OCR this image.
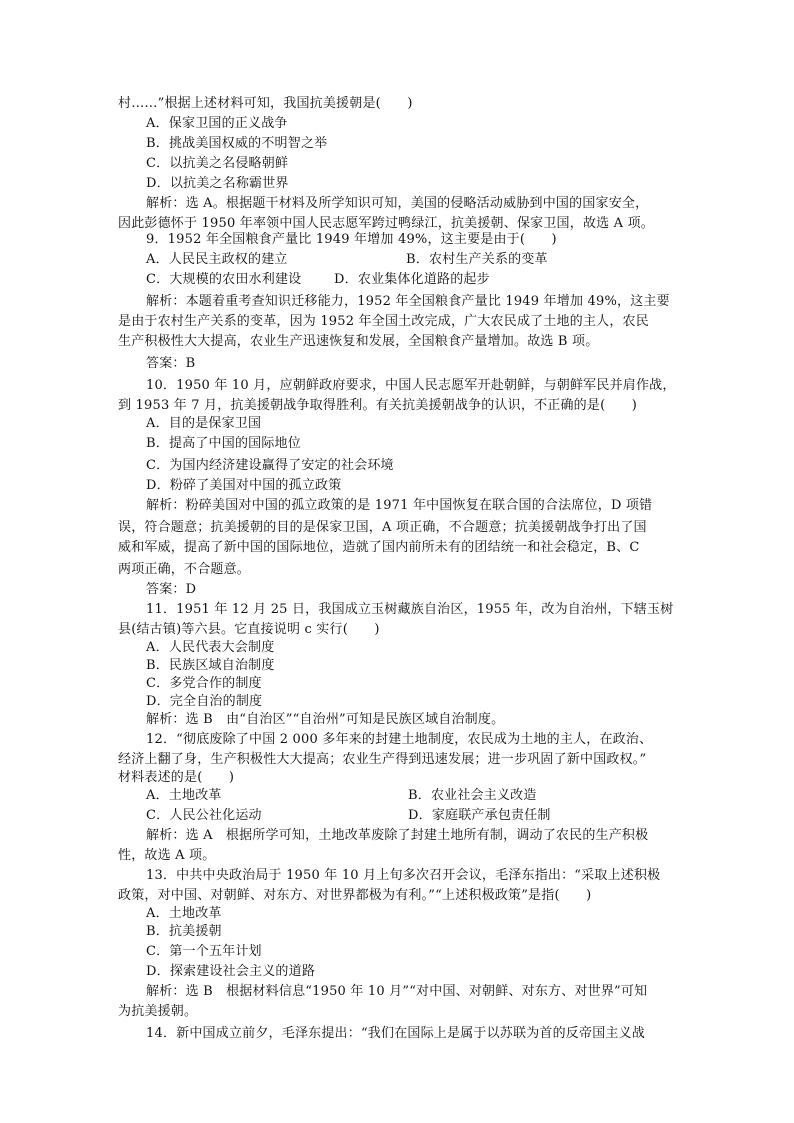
村……”根据上述材料可知，我国抗美援朝是(　　)
A．保家卫国的正义战争
B．挑战美国权威的不明智之举
C．以抗美之名侵略朝鲜
D．以抗美之名称霸世界
解析：选 A。根据题干材料及所学知识可知，美国的侵略活动威胁到中国的国家安全，
因此彭德怀于 1950 年率领中国人民志愿军跨过鸭绿江，抗美援朝、保家卫国，故选 A 项。
9．1952 年全国粮食产量比 1949 年增加 49%，这主要是由于(　　)
A．人民民主政权的建立	B．农村生产关系的变革
C．大规模的农田水利建设	D．农业集体化道路的起步
解析：本题着重考查知识迁移能力，1952 年全国粮食产量比 1949 年增加 49%，这主要
是由于农村生产关系的变革，因为 1952 年全国土改完成，广大农民成了土地的主人，农民
生产积极性大大提高，农业生产迅速恢复和发展，全国粮食产量增加。故选 B 项。
答案：B
10．1950 年 10 月，应朝鲜政府要求，中国人民志愿军开赴朝鲜，与朝鲜军民并肩作战，
到 1953 年 7 月，抗美援朝战争取得胜利。有关抗美援朝战争的认识，不正确的是(　　)
A．目的是保家卫国
B．提高了中国的国际地位
C．为国内经济建设赢得了安定的社会环境
D．粉碎了美国对中国的孤立政策
解析：粉碎美国对中国的孤立政策的是 1971 年中国恢复在联合国的合法席位，D 项错
误，符合题意；抗美援朝的目的是保家卫国，A 项正确，不合题意；抗美援朝战争打出了国
威和军威，提高了新中国的国际地位，造就了国内前所未有的团结统一和社会稳定，B、C
两项正确，不合题意。
答案：D
11．1951 年 12 月 25 日，我国成立玉树藏族自治区，1955 年，改为自治州，下辖玉树
县(结古镇)等六县。它直接说明 c 实行(　　)
A．人民代表大会制度
B．民族区域自治制度
C．多党合作的制度
D．完全自治的制度
解析：选 B　由“自治区”“自治州”可知是民族区域自治制度。
12．“彻底废除了中国 2 000 多年来的封建土地制度，农民成为土地的主人，在政治、
经济上翻了身，生产积极性大大提高；农业生产得到迅速发展；进一步巩固了新中国政权。”
材料表述的是(　　)
A．土地改革	B．农业社会主义改造
C．人民公社化运动	D．家庭联产承包责任制
解析：选 A　根据所学可知，土地改革废除了封建土地所有制，调动了农民的生产积极
性，故选 A 项。
13．中共中央政治局于 1950 年 10 月上旬多次召开会议，毛泽东指出：“采取上述积极
政策，对中国、对朝鲜、对东方、对世界都极为有利。”“上述积极政策”是指(　　)
A．土地改革
B．抗美援朝
C．第一个五年计划
D．探索建设社会主义的道路
解析：选 B　根据材料信息“1950 年 10 月”“对中国、对朝鲜、对东方、对世界”可知
为抗美援朝。
14．新中国成立前夕，毛泽东提出：“我们在国际上是属于以苏联为首的反帝国主义战
